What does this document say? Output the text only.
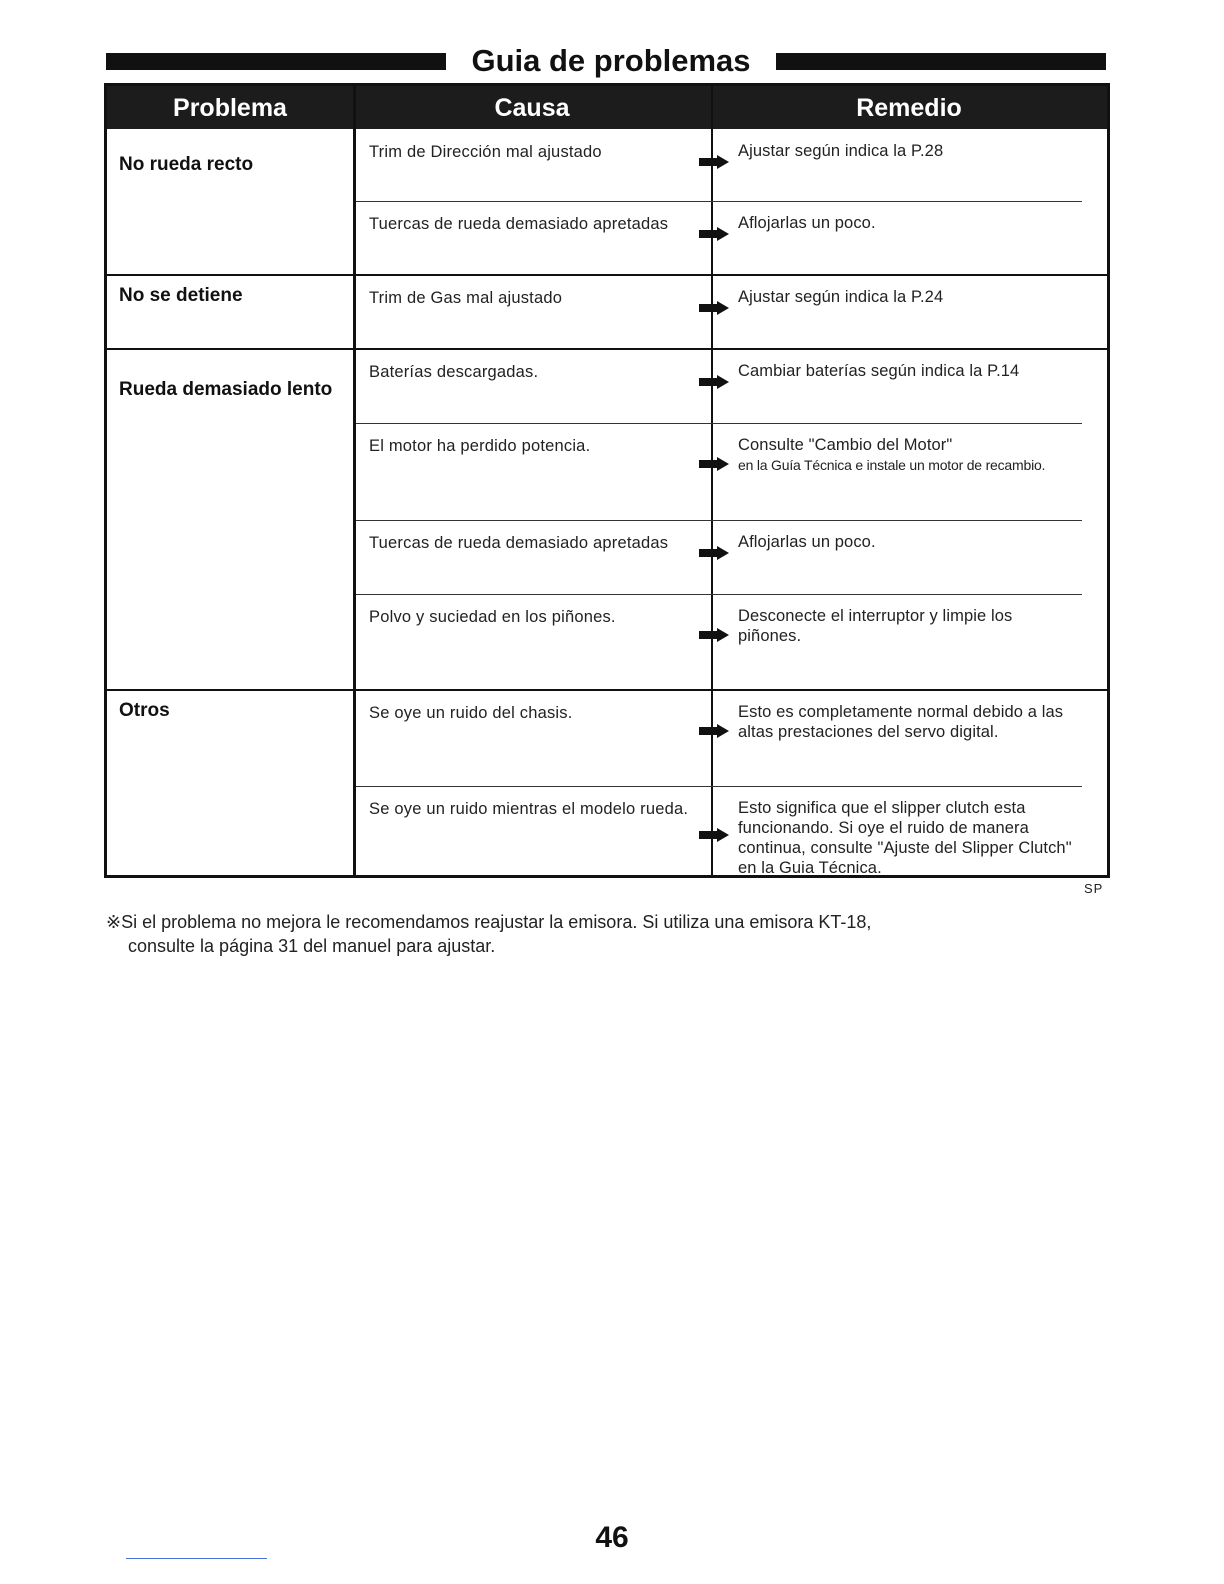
Guia de problemas
Problema	Causa	Remedio
No rueda recto
Trim de Dirección mal ajustado	Ajustar según indica la P.28
Tuercas de rueda demasiado apretadas	Aflojarlas un poco.
No se detiene	Trim de Gas mal ajustado	Ajustar según indica la P.24
Rueda demasiado lento
Baterías descargadas.	Cambiar baterías según indica la P.14
El motor ha perdido potencia.	Consulte "Cambio del Motor"
en la Guía Técnica e instale un motor de recambio.
Tuercas de rueda demasiado apretadas	Aflojarlas un poco.
Polvo y suciedad en los piñones.	Desconecte el interruptor y limpie los
piñones.
Otros	Se oye un ruido del chasis.	Esto es completamente normal debido a las
altas prestaciones del servo digital.
Se oye un ruido mientras el modelo rueda.	Esto significa que el slipper clutch esta
funcionando. Si oye el ruido de manera
continua, consulte "Ajuste del Slipper Clutch"
en la Guia Técnica.
SP
※Si el problema no mejora le recomendamos reajustar la emisora. Si utiliza una emisora KT-18,
consulte la página 31 del manuel para ajustar.
46
